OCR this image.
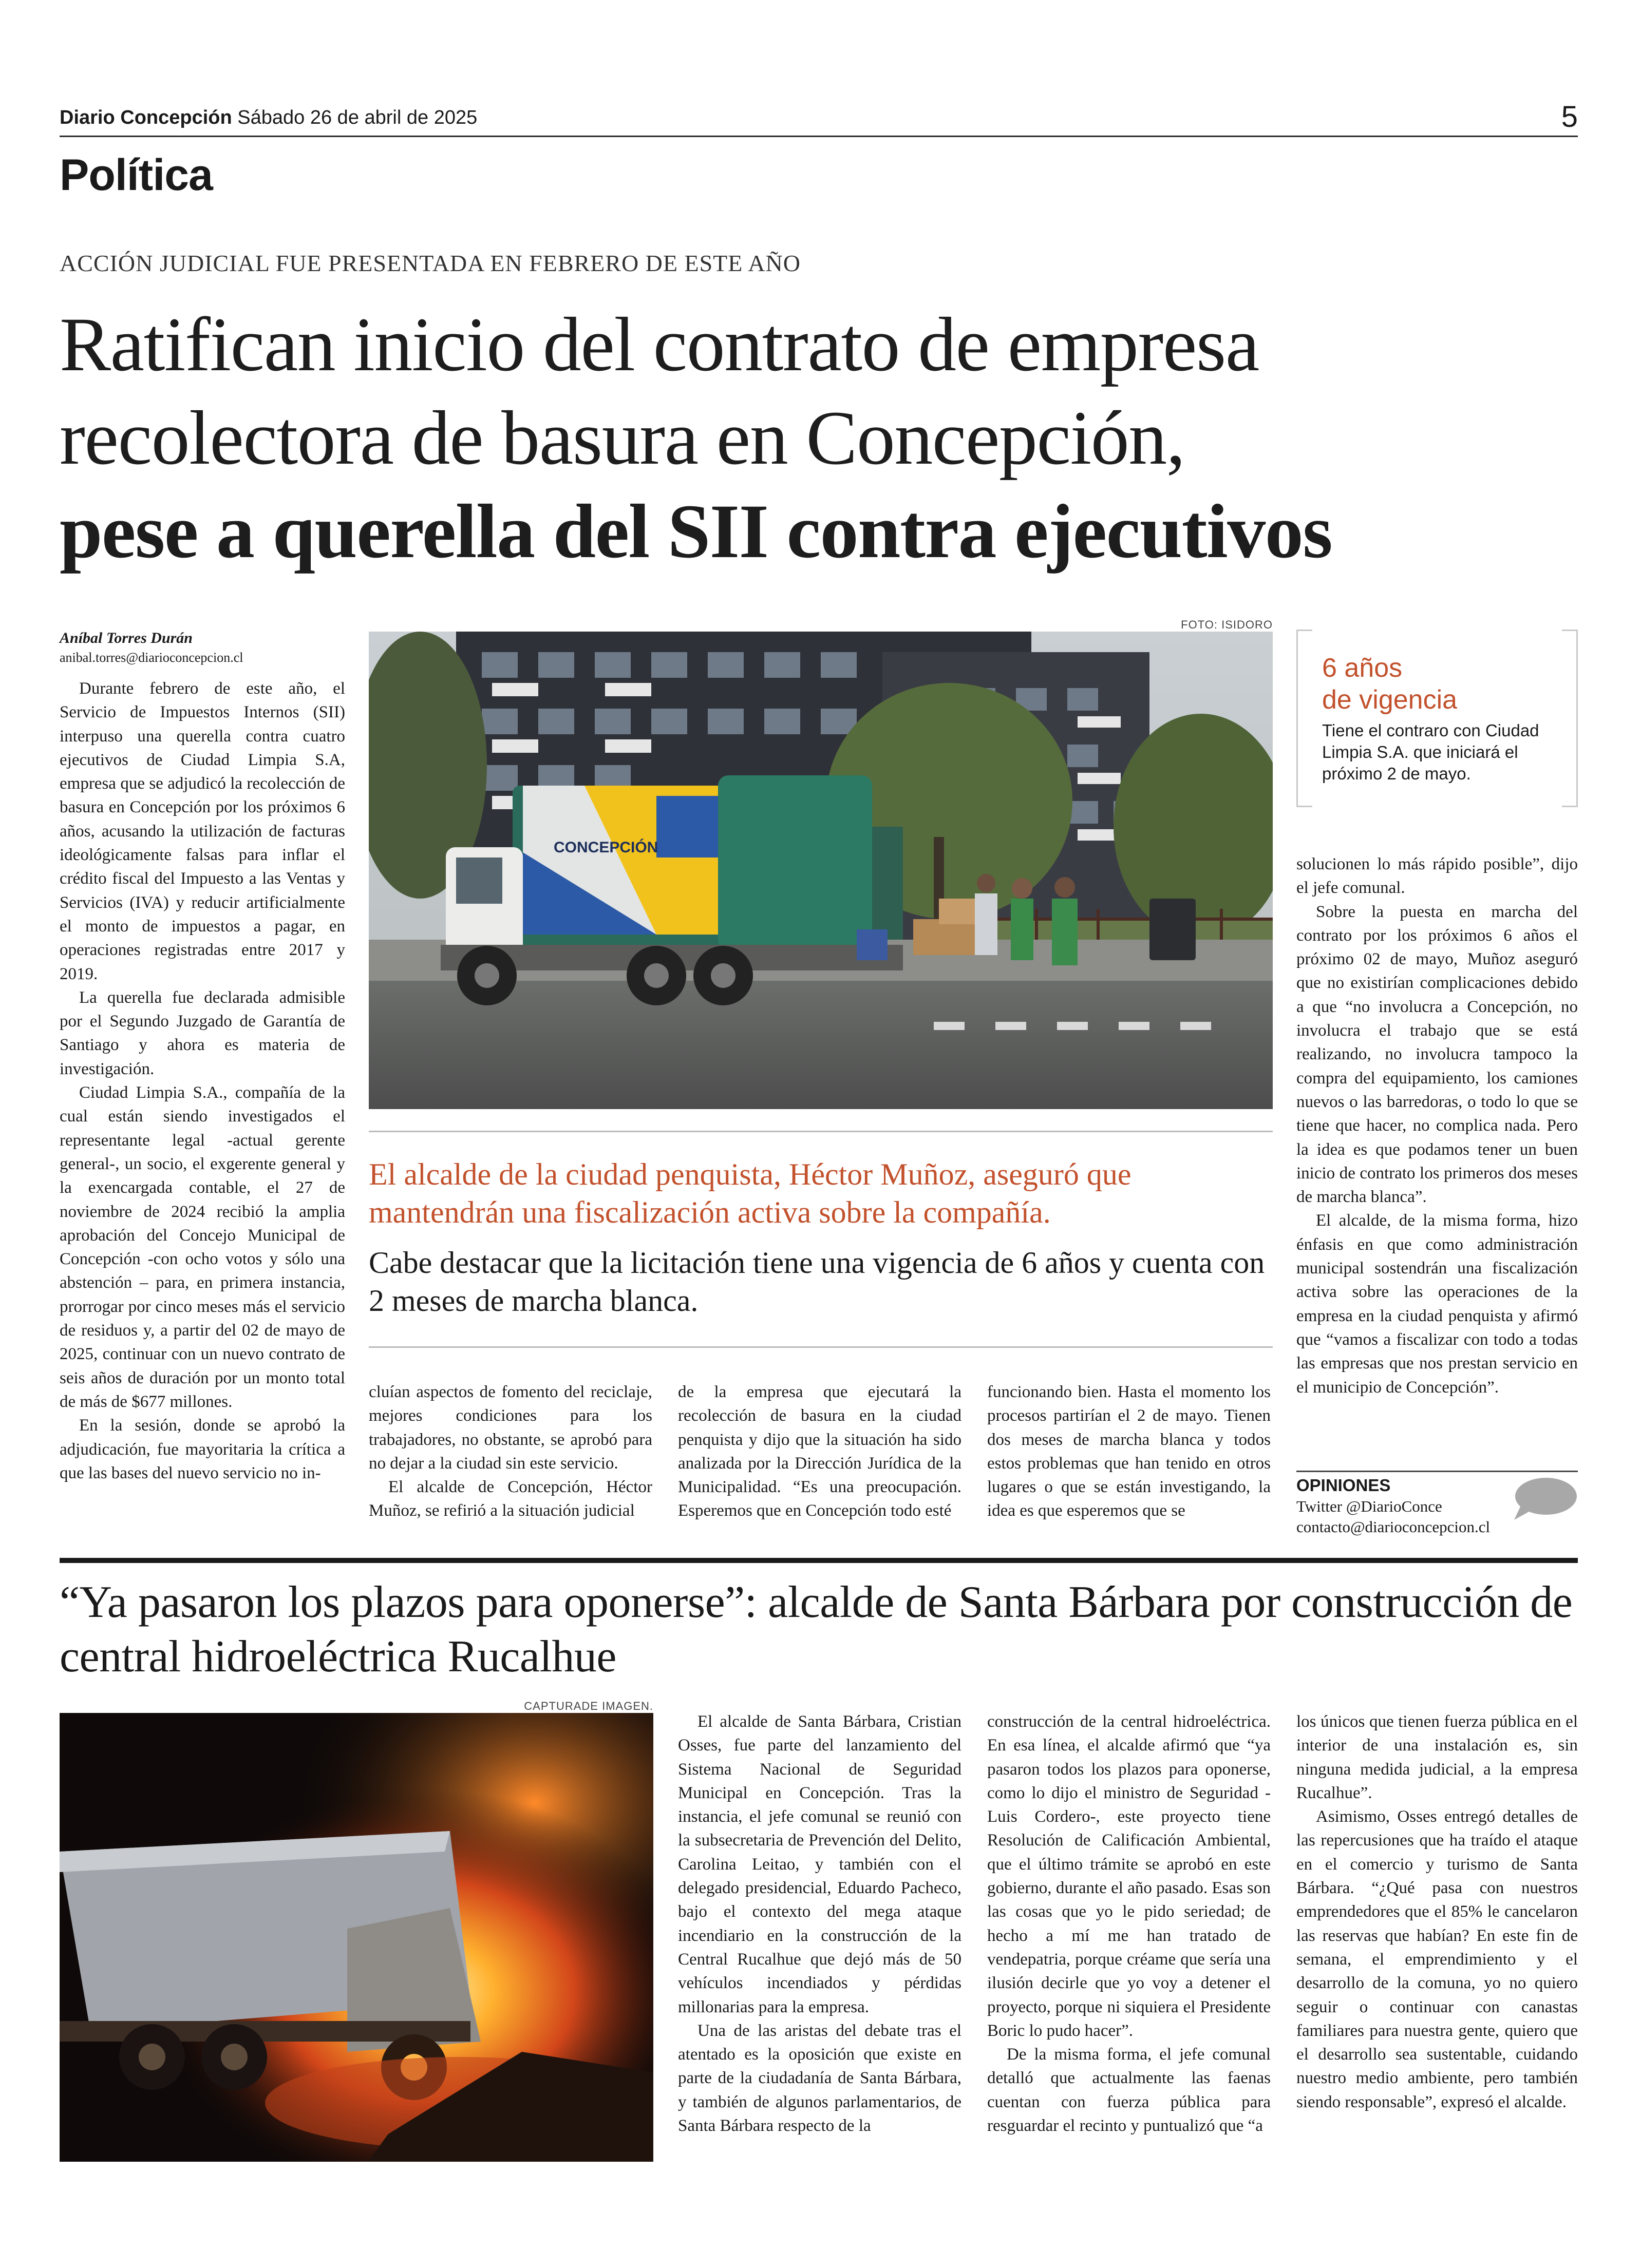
Diario Concepción Sábado 26 de abril de 2025	5
Política
ACCIÓN JUDICIAL FUE PRESENTADA EN FEBRERO DE ESTE AÑO
Ratifican inicio del contrato de empresa
recolectora de basura en Concepción,
pese a querella del SII contra ejecutivos
Aníbal Torres Durán
anibal.torres@diarioconcepcion.cl

Durante febrero de este año, el Servicio de Impuestos Internos (SII) interpuso una querella contra cuatro ejecutivos de Ciudad Limpia S.A, empresa que se adjudicó la recolección de basura en Concepción por los próximos 6 años, acusando la utilización de facturas ideológicamente falsas para inflar el crédito fiscal del Impuesto a las Ventas y Servicios (IVA) y reducir artificialmente el monto de impuestos a pagar, en operaciones registradas entre 2017 y 2019.

La querella fue declarada admisible por el Segundo Juzgado de Garantía de Santiago y ahora es materia de investigación.

Ciudad Limpia S.A., compañía de la cual están siendo investigados el representante legal -actual gerente general-, un socio, el exgerente general y la exencargada contable, el 27 de noviembre de 2024 recibió la amplia aprobación del Concejo Municipal de Concepción -con ocho votos y sólo una abstención – para, en primera instancia, prorrogar por cinco meses más el servicio de residuos y, a partir del 02 de mayo de 2025, continuar con un nuevo contrato de seis años de duración por un monto total de más de $677 millones.

En la sesión, donde se aprobó la adjudicación, fue mayoritaria la crítica a que las bases del nuevo servicio no in-

FOTO: ISIDORO
CONCEPCIÓN
El alcalde de la ciudad penquista, Héctor Muñoz, aseguró que mantendrán una fiscalización activa sobre la compañía.
Cabe destacar que la licitación tiene una vigencia de 6 años y cuenta con 2 meses de marcha blanca.

cluían aspectos de fomento del reciclaje, mejores condiciones para los trabajadores, no obstante, se aprobó para no dejar a la ciudad sin este servicio.

El alcalde de Concepción, Héctor Muñoz, se refirió a la situación judicial

de la empresa que ejecutará la recolección de basura en la ciudad penquista y dijo que la situación ha sido analizada por la Dirección Jurídica de la Municipalidad. “Es una preocupación. Esperemos que en Concepción todo esté

funcionando bien. Hasta el momento los procesos partirían el 2 de mayo. Tienen dos meses de marcha blanca y todos estos problemas que han tenido en otros lugares o que se están investigando, la idea es que esperemos que se

6 años
de vigencia
Tiene el contraro con Ciudad Limpia S.A. que iniciará el próximo 2 de mayo.

solucionen lo más rápido posible”, dijo el jefe comunal.

Sobre la puesta en marcha del contrato por los próximos 6 años el próximo 02 de mayo, Muñoz aseguró que no existirían complicaciones debido a que “no involucra a Concepción, no involucra el trabajo que se está realizando, no involucra tampoco la compra del equipamiento, los camiones nuevos o las barredoras, o todo lo que se tiene que hacer, no complica nada. Pero la idea es que podamos tener un buen inicio de contrato los primeros dos meses de marcha blanca”.

El alcalde, de la misma forma, hizo énfasis en que como administración municipal sostendrán una fiscalización activa sobre las operaciones de la empresa en la ciudad penquista y afirmó que “vamos a fiscalizar con todo a todas las empresas que nos prestan servicio en el municipio de Concepción”.

OPINIONES
Twitter @DiarioConce
contacto@diarioconcepcion.cl
“Ya pasaron los plazos para oponerse”: alcalde de Santa Bárbara por construcción de central hidroeléctrica Rucalhue
CAPTURADE IMAGEN.

El alcalde de Santa Bárbara, Cristian Osses, fue parte del lanzamiento del Sistema Nacional de Seguridad Municipal en Concepción. Tras la instancia, el jefe comunal se reunió con la subsecretaria de Prevención del Delito, Carolina Leitao, y también con el delegado presidencial, Eduardo Pacheco, bajo el contexto del mega ataque incendiario en la construcción de la Central Rucalhue que dejó más de 50 vehículos incendiados y pérdidas millonarias para la empresa.

Una de las aristas del debate tras el atentado es la oposición que existe en parte de la ciudadanía de Santa Bárbara, y también de algunos parlamentarios, de Santa Bárbara respecto de la

construcción de la central hidroeléctrica. En esa línea, el alcalde afirmó que “ya pasaron todos los plazos para oponerse, como lo dijo el ministro de Seguridad - Luis Cordero-, este proyecto tiene Resolución de Calificación Ambiental, que el último trámite se aprobó en este gobierno, durante el año pasado. Esas son las cosas que yo le pido seriedad; de hecho a mí me han tratado de vendepatria, porque créame que sería una ilusión decirle que yo voy a detener el proyecto, porque ni siquiera el Presidente Boric lo pudo hacer”.

De la misma forma, el jefe comunal detalló que actualmente las faenas cuentan con fuerza pública para resguardar el recinto y puntualizó que “a

los únicos que tienen fuerza pública en el interior de una instalación es, sin ninguna medida judicial, a la empresa Rucalhue”.

Asimismo, Osses entregó detalles de las repercusiones que ha traído el ataque en el comercio y turismo de Santa Bárbara. “¿Qué pasa con nuestros emprendedores que el 85% le cancelaron las reservas que habían? En este fin de semana, el emprendimiento y el desarrollo de la comuna, yo no quiero seguir o continuar con canastas familiares para nuestra gente, quiero que el desarrollo sea sustentable, cuidando nuestro medio ambiente, pero también siendo responsable”, expresó el alcalde.
